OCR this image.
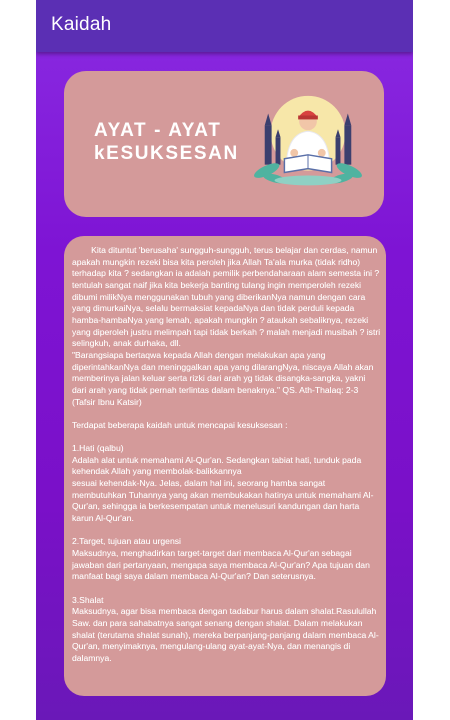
Kaidah
AYAT - AYAT kESUKSESAN
Kita dituntut 'berusaha' sungguh-sungguh, terus belajar dan cerdas, namun apakah mungkin rezeki bisa kita peroleh jika Allah Ta'ala murka (tidak ridho) terhadap kita ? sedangkan ia adalah pemilik perbendaharaan alam semesta ini ? tentulah sangat naif jika kita bekerja banting tulang ingin memperoleh rezeki dibumi milikNya menggunakan tubuh yang diberikanNya namun dengan cara yang dimurkaiNya, selalu bermaksiat kepadaNya dan tidak perduli kepada hamba-hambaNya yang lemah, apakah mungkin ? ataukah sebaliknya, rezeki yang diperoleh justru melimpah tapi tidak berkah ? malah menjadi musibah ? istri selingkuh, anak durhaka, dll.
"Barangsiapa bertaqwa kepada Allah dengan melakukan apa yang diperintahkanNya dan meninggalkan apa yang dilarangNya, niscaya Allah akan memberinya jalan keluar serta rizki dari arah yg tidak disangka-sangka, yakni dari arah yang tidak pernah terlintas dalam benaknya." QS. Ath-Thalaq: 2-3 (Tafsir Ibnu Katsir)

Terdapat beberapa kaidah untuk mencapai kesuksesan :

1.Hati (qalbu)
Adalah alat untuk memahami Al-Qur'an. Sedangkan tabiat hati, tunduk pada kehendak Allah yang membolak-balikkannya
sesuai kehendak-Nya. Jelas, dalam hal ini, seorang hamba sangat membutuhkan Tuhannya yang akan membukakan hatinya untuk memahami Al-Qur'an, sehingga ia berkesempatan untuk menelusuri kandungan dan harta karun Al-Qur'an.

2.Target, tujuan atau urgensi
Maksudnya, menghadirkan target-target dari membaca Al-Qur'an sebagai jawaban dari pertanyaan, mengapa saya membaca Al-Qur'an? Apa tujuan dan manfaat bagi saya dalam membaca Al-Qur'an? Dan seterusnya.

3.Shalat
Maksudnya, agar bisa membaca dengan tadabur harus dalam shalat.Rasulullah Saw. dan para sahabatnya sangat senang dengan shalat. Dalam melakukan shalat (terutama shalat sunah), mereka berpanjang-panjang dalam membaca Al-Qur'an, menyimaknya, mengulang-ulang ayat-ayat-Nya, dan menangis di dalamnya.
